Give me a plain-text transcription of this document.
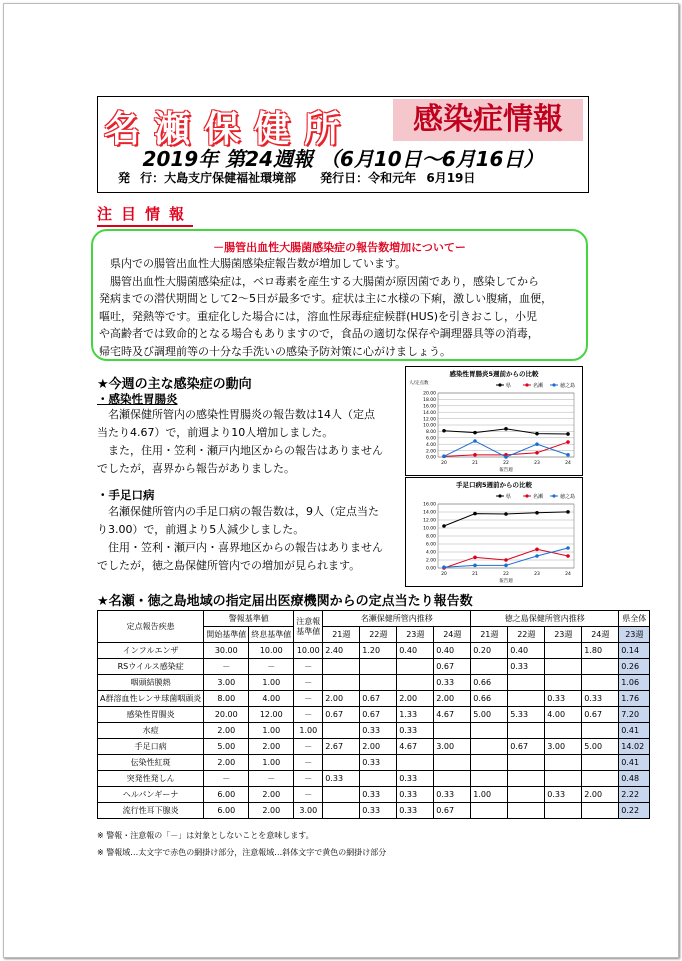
名瀬保健所	感染症情報
2019年 第24週報 （6月10日～6月16日）
発 行：大島支庁保健福祉環境部　　発行日：令和元年 6月19日
注目情報
－腸管出血性大腸菌感染症の報告数増加についてー

県内での腸管出血性大腸菌感染症報告数が増加しています。

腸管出血性大腸菌感染症は，ベロ毒素を産生する大腸菌が原因菌であり，感染してから

発病までの潜伏期間として2～5日が最多です。症状は主に水様の下痢，激しい腹痛，血便，

嘔吐，発熱等です。重症化した場合には，溶血性尿毒症症候群(HUS)を引きおこし，小児

や高齢者では致命的となる場合もありますので，食品の適切な保存や調理器具等の消毒，

帰宅時及び調理前等の十分な手洗いの感染予防対策に心がけましょう。

★今週の主な感染症の動向
・感染性胃腸炎

名瀬保健所管内の感染性胃腸炎の報告数は14人（定点

当たり4.67）で，前週より10人増加しました。

また，住用・笠利・瀬戸内地区からの報告はありません

でしたが，喜界から報告がありました。

・手足口病

名瀬保健所管内の手足口病の報告数は，9人（定点当た

り3.00）で，前週より5人減少しました。

住用・笠利・瀬戸内・喜界地区からの報告はありません

でしたが，徳之島保健所管内での増加が見られます。

感染性胃腸炎5週前からの比較
人/定点数	県	名瀬	徳之島
0.00
2.00
4.00
6.00
8.00
10.00
12.00
14.00
16.00
18.00
20.00
20	21	22	23	24
報告週
手足口病5週前からの比較
県	名瀬	徳之島
0.00
2.00
4.00
6.00
8.00
10.00
12.00
14.00
16.00
20	21	22	23	24
報告週
★名瀬・徳之島地域の指定届出医療機関からの定点当たり報告数
定点報告疾患	警報基準値		注意報基準値	名瀬保健所管内推移				徳之島保健所管内推移				県全体
	開始基準値	終息基準値		21週	22週	23週	24週	21週	22週	23週	24週	23週
インフルエンザ	30.00	10.00	10.00	2.40	1.20	0.40	0.40	0.20	0.40		1.80	0.14
RSウイルス感染症	－	－	－				0.67		0.33			0.26
咽頭結膜熱	3.00	1.00	－				0.33	0.66				1.06
A群溶血性レンサ球菌咽頭炎	8.00	4.00	－	2.00	0.67	2.00	2.00	0.66		0.33	0.33	1.76
感染性胃腸炎	20.00	12.00	－	0.67	0.67	1.33	4.67	5.00	5.33	4.00	0.67	7.20
水痘	2.00	1.00	1.00		0.33	0.33						0.41
手足口病	5.00	2.00	－	2.67	2.00	4.67	3.00		0.67	3.00	5.00	14.02
伝染性紅斑	2.00	1.00	－		0.33							0.41
突発性発しん	－	－	－	0.33		0.33						0.48
ヘルパンギーナ	6.00	2.00	－		0.33	0.33	0.33	1.00		0.33	2.00	2.22
流行性耳下腺炎	6.00	2.00	3.00		0.33	0.33	0.67					0.22
※ 警報・注意報の「－」は対象としないことを意味します。
※ 警報域…太文字で赤色の網掛け部分，注意報域…斜体文字で黄色の網掛け部分
